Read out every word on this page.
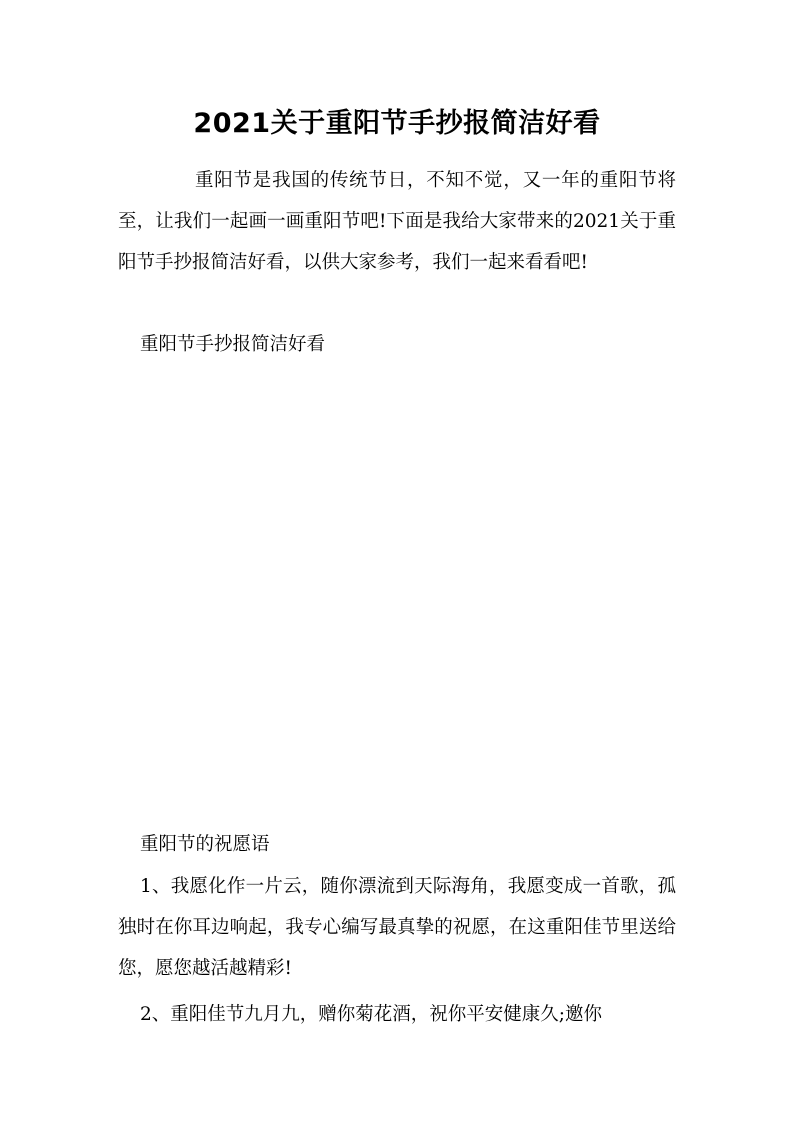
2021关于重阳节手抄报简洁好看

重阳节是我国的传统节日，不知不觉，又一年的重阳节将至，让我们一起画一画重阳节吧!下面是我给大家带来的2021关于重阳节手抄报简洁好看，以供大家参考，我们一起来看看吧!

重阳节手抄报简洁好看

重阳节的祝愿语

1、我愿化作一片云，随你漂流到天际海角，我愿变成一首歌，孤独时在你耳边响起，我专心编写最真挚的祝愿，在这重阳佳节里送给您，愿您越活越精彩!

2、重阳佳节九月九，赠你菊花酒，祝你平安健康久;邀你
